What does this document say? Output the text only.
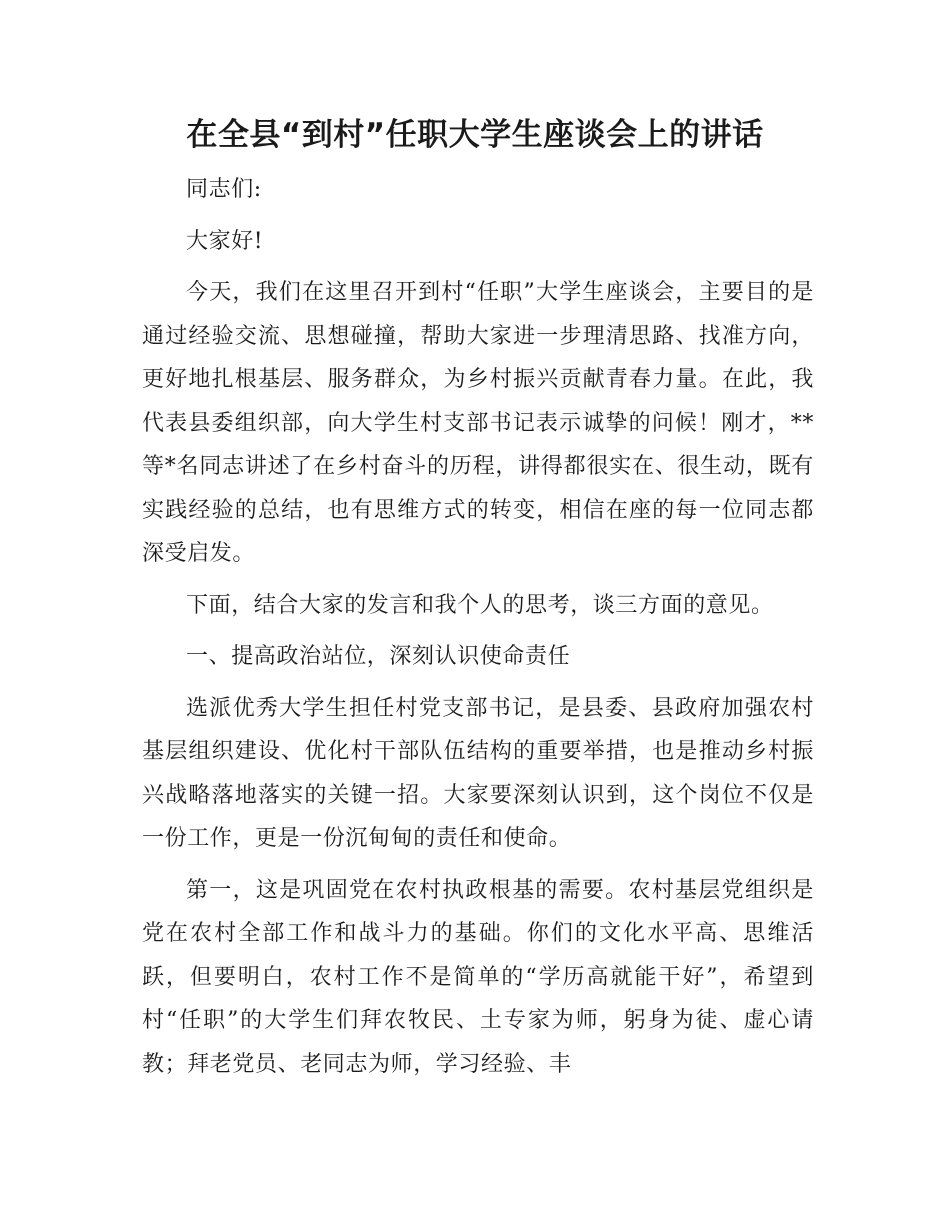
在全县“到村”任职大学生座谈会上的讲话

同志们:

大家好!

今天，我们在这里召开到村“任职”大学生座谈会，主要目的是通过经验交流、思想碰撞，帮助大家进一步理清思路、找准方向，更好地扎根基层、服务群众，为乡村振兴贡献青春力量。在此，我代表县委组织部，向大学生村支部书记表示诚挚的问候！刚才，**等*名同志讲述了在乡村奋斗的历程，讲得都很实在、很生动，既有实践经验的总结，也有思维方式的转变，相信在座的每一位同志都深受启发。

下面，结合大家的发言和我个人的思考，谈三方面的意见。

一、提高政治站位，深刻认识使命责任

选派优秀大学生担任村党支部书记，是县委、县政府加强农村基层组织建设、优化村干部队伍结构的重要举措，也是推动乡村振兴战略落地落实的关键一招。大家要深刻认识到，这个岗位不仅是一份工作，更是一份沉甸甸的责任和使命。

第一，这是巩固党在农村执政根基的需要。农村基层党组织是党在农村全部工作和战斗力的基础。你们的文化水平高、思维活跃，但要明白，农村工作不是简单的“学历高就能干好”，希望到村“任职”的大学生们拜农牧民、土专家为师，躬身为徒、虚心请教；拜老党员、老同志为师，学习经验、丰
